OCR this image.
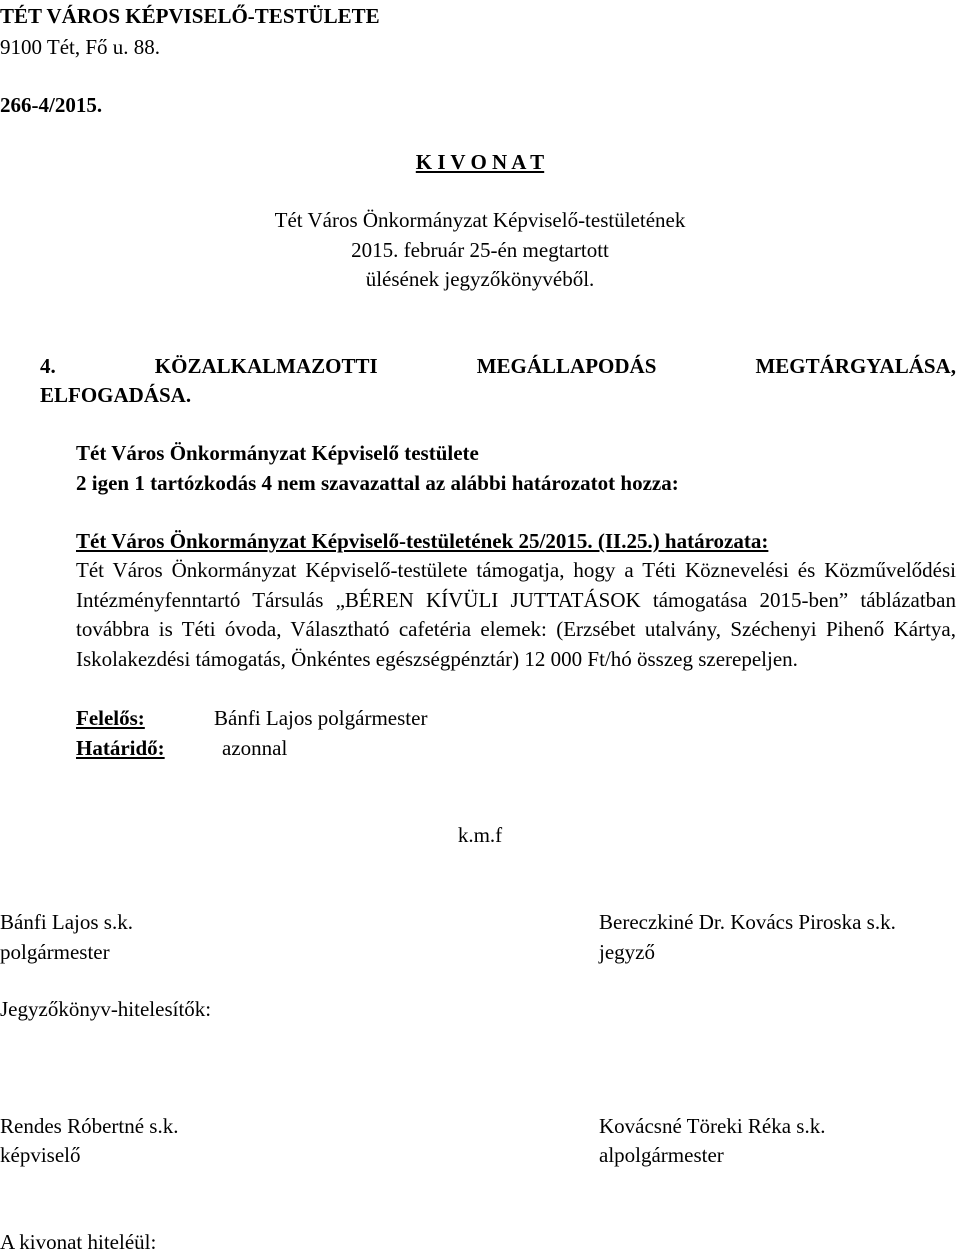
TÉT VÁROS KÉPVISELŐ-TESTÜLETE
9100 Tét, Fő u. 88.
266-4/2015.
K I V O N A T
Tét Város Önkormányzat Képviselő-testületének
2015. február 25-én megtartott
ülésének jegyzőkönyvéből.
4.	KÖZALKALMAZOTTI	MEGÁLLAPODÁS	MEGTÁRGYALÁSA,
ELFOGADÁSA.
Tét Város Önkormányzat Képviselő testülete
2 igen 1 tartózkodás 4 nem szavazattal az alábbi határozatot hozza:
Tét Város Önkormányzat Képviselő-testületének 25/2015. (II.25.) határozata:
Tét Város Önkormányzat Képviselő-testülete támogatja, hogy a Téti Köznevelési és Közművelődési Intézményfenntartó Társulás „BÉREN KÍVÜLI JUTTATÁSOK támogatása 2015-ben” táblázatban továbbra is Téti óvoda, Választható cafetéria elemek: (Erzsébet utalvány, Széchenyi Pihenő Kártya, Iskolakezdési támogatás, Önkéntes egészségpénztár) 12 000 Ft/hó összeg szerepeljen.
Felelős:	Bánfi Lajos polgármester
Határidő:	azonnal
k.m.f
Bánfi Lajos s.k.
polgármester
Bereczkiné Dr. Kovács Piroska s.k.
jegyző
Jegyzőkönyv-hitelesítők:
Rendes Róbertné s.k.
képviselő
Kovácsné Töreki Réka s.k.
alpolgármester
A kivonat hiteléül:
